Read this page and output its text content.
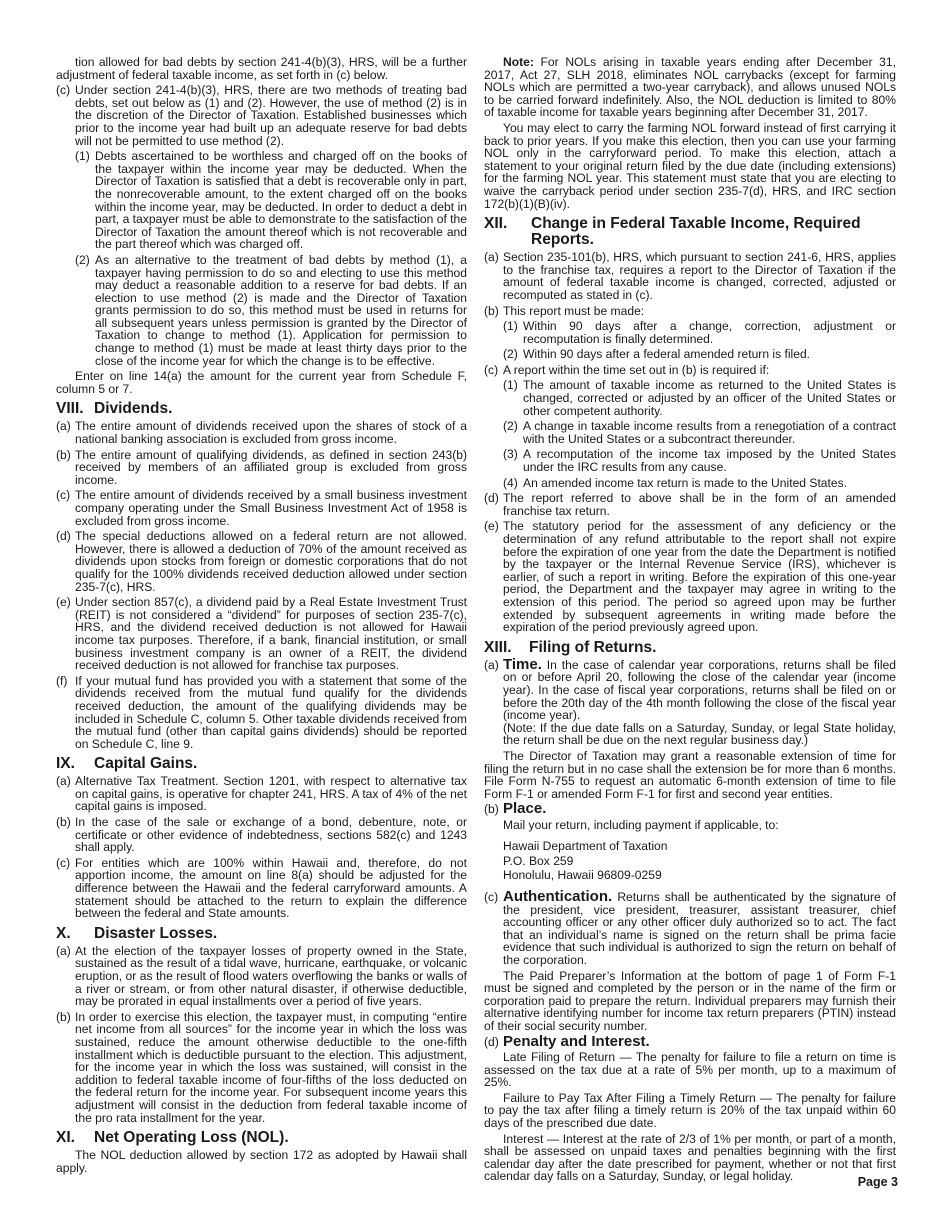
tion allowed for bad debts by section 241-4(b)(3), HRS, will be a further adjustment of federal taxable income, as set forth in (c) below.

(c) Under section 241-4(b)(3), HRS, there are two methods of treating bad debts, set out below as (1) and (2). However, the use of method (2) is in the discretion of the Director of Taxation. Established businesses which prior to the income year had built up an adequate reserve for bad debts will not be permitted to use method (2).
(1) Debts ascertained to be worthless and charged off on the books of the taxpayer within the income year may be deducted. When the Director of Taxation is satisfied that a debt is recoverable only in part, the nonrecoverable amount, to the extent charged off on the books within the income year, may be deducted. In order to deduct a debt in part, a taxpayer must be able to demonstrate to the satisfaction of the Director of Taxation the amount thereof which is not recoverable and the part thereof which was charged off.
(2) As an alternative to the treatment of bad debts by method (1), a taxpayer having permission to do so and electing to use this method may deduct a reasonable addition to a reserve for bad debts. If an election to use method (2) is made and the Director of Taxation grants permission to do so, this method must be used in returns for all subsequent years unless permission is granted by the Director of Taxation to change to method (1). Application for permission to change to method (1) must be made at least thirty days prior to the close of the income year for which the change is to be effective.

Enter on line 14(a) the amount for the current year from Schedule F, column 5 or 7.

VIII. Dividends.
(a) The entire amount of dividends received upon the shares of stock of a national banking association is excluded from gross income.
(b) The entire amount of qualifying dividends, as defined in section 243(b) received by members of an affiliated group is excluded from gross income.
(c) The entire amount of dividends received by a small business investment company operating under the Small Business Investment Act of 1958 is excluded from gross income.
(d) The special deductions allowed on a federal return are not allowed. However, there is allowed a deduction of 70% of the amount received as dividends upon stocks from foreign or domestic corporations that do not qualify for the 100% dividends received deduction allowed under section 235-7(c), HRS.
(e) Under section 857(c), a dividend paid by a Real Estate Investment Trust (REIT) is not considered a “dividend” for purposes of section 235-7(c), HRS, and the dividend received deduction is not allowed for Hawaii income tax purposes. Therefore, if a bank, financial institution, or small business investment company is an owner of a REIT, the dividend received deduction is not allowed for franchise tax purposes.
(f) If your mutual fund has provided you with a statement that some of the dividends received from the mutual fund qualify for the dividends received deduction, the amount of the qualifying dividends may be included in Schedule C, column 5. Other taxable dividends received from the mutual fund (other than capital gains dividends) should be reported on Schedule C, line 9.
IX.	Capital Gains.
(a) Alternative Tax Treatment. Section 1201, with respect to alternative tax on capital gains, is operative for chapter 241, HRS. A tax of 4% of the net capital gains is imposed.
(b) In the case of the sale or exchange of a bond, debenture, note, or certificate or other evidence of indebtedness, sections 582(c) and 1243 shall apply.
(c) For entities which are 100% within Hawaii and, therefore, do not apportion income, the amount on line 8(a) should be adjusted for the difference between the Hawaii and the federal carryforward amounts. A statement should be attached to the return to explain the difference between the federal and State amounts.
X.	Disaster Losses.
(a) At the election of the taxpayer losses of property owned in the State, sustained as the result of a tidal wave, hurricane, earthquake, or volcanic eruption, or as the result of flood waters overflowing the banks or walls of a river or stream, or from other natural disaster, if otherwise deductible, may be prorated in equal installments over a period of five years.
(b) In order to exercise this election, the taxpayer must, in computing “entire net income from all sources” for the income year in which the loss was sustained, reduce the amount otherwise deductible to the one-fifth installment which is deductible pursuant to the election. This adjustment, for the income year in which the loss was sustained, will consist in the addition to federal taxable income of four-fifths of the loss deducted on the federal return for the income year. For subsequent income years this adjustment will consist in the deduction from federal taxable income of the pro rata installment for the year.
XI.	Net Operating Loss (NOL).

The NOL deduction allowed by section 172 as adopted by Hawaii shall apply.

Note: For NOLs arising in taxable years ending after December 31, 2017, Act 27, SLH 2018, eliminates NOL carrybacks (except for farming NOLs which are permitted a two-year carryback), and allows unused NOLs to be carried forward indefinitely. Also, the NOL deduction is limited to 80% of taxable income for taxable years beginning after December 31, 2017.

You may elect to carry the farming NOL forward instead of first carrying it back to prior years. If you make this election, then you can use your farming NOL only in the carryforward period. To make this election, attach a statement to your original return filed by the due date (including extensions) for the farming NOL year. This statement must state that you are electing to waive the carryback period under section 235-7(d), HRS, and IRC section 172(b)(1)(B)(iv).

XII.	Change in Federal Taxable Income, Required Reports.
(a) Section 235-101(b), HRS, which pursuant to section 241-6, HRS, applies to the franchise tax, requires a report to the Director of Taxation if the amount of federal taxable income is changed, corrected, adjusted or recomputed as stated in (c).
(b) This report must be made:
(1) Within 90 days after a change, correction, adjustment or recomputation is finally determined.
(2) Within 90 days after a federal amended return is filed.
(c) A report within the time set out in (b) is required if:
(1) The amount of taxable income as returned to the United States is changed, corrected or adjusted by an officer of the United States or other competent authority.
(2) A change in taxable income results from a renegotiation of a contract with the United States or a subcontract thereunder.
(3) A recomputation of the income tax imposed by the United States under the IRC results from any cause.
(4) An amended income tax return is made to the United States.
(d) The report referred to above shall be in the form of an amended franchise tax return.
(e) The statutory period for the assessment of any deficiency or the determination of any refund attributable to the report shall not expire before the expiration of one year from the date the Department is notified by the taxpayer or the Internal Revenue Service (IRS), whichever is earlier, of such a report in writing. Before the expiration of this one-year period, the Department and the taxpayer may agree in writing to the extension of this period. The period so agreed upon may be further extended by subsequent agreements in writing made before the expiration of the period previously agreed upon.
XIII.	Filing of Returns.
(a) Time. In the case of calendar year corporations, returns shall be filed on or before April 20, following the close of the calendar year (income year). In the case of fiscal year corporations, returns shall be filed on or before the 20th day of the 4th month following the close of the fiscal year (income year).
(Note: If the due date falls on a Saturday, Sunday, or legal State holiday, the return shall be due on the next regular business day.)

The Director of Taxation may grant a reasonable extension of time for filing the return but in no case shall the extension be for more than 6 months. File Form N-755 to request an automatic 6-month extension of time to file Form F-1 or amended Form F-1 for first and second year entities.

(b) Place.

Mail your return, including payment if applicable, to:

Hawaii Department of Taxation
P.O. Box 259
Honolulu, Hawaii 96809-0259
(c) Authentication. Returns shall be authenticated by the signature of the president, vice president, treasurer, assistant treasurer, chief accounting officer or any other officer duly authorized so to act. The fact that an individual’s name is signed on the return shall be prima facie evidence that such individual is authorized to sign the return on behalf of the corporation.

The Paid Preparer’s Information at the bottom of page 1 of Form F-1 must be signed and completed by the person or in the name of the firm or corporation paid to prepare the return. Individual preparers may furnish their alternative identifying number for income tax return preparers (PTIN) instead of their social security number.

(d) Penalty and Interest.

Late Filing of Return — The penalty for failure to file a return on time is assessed on the tax due at a rate of 5% per month, up to a maximum of 25%.

Failure to Pay Tax After Filing a Timely Return — The penalty for failure to pay the tax after filing a timely return is 20% of the tax unpaid within 60 days of the prescribed due date.

Interest — Interest at the rate of 2/3 of 1% per month, or part of a month, shall be assessed on unpaid taxes and penalties beginning with the first calendar day after the date prescribed for payment, whether or not that first calendar day falls on a Saturday, Sunday, or legal holiday.	Page 3
